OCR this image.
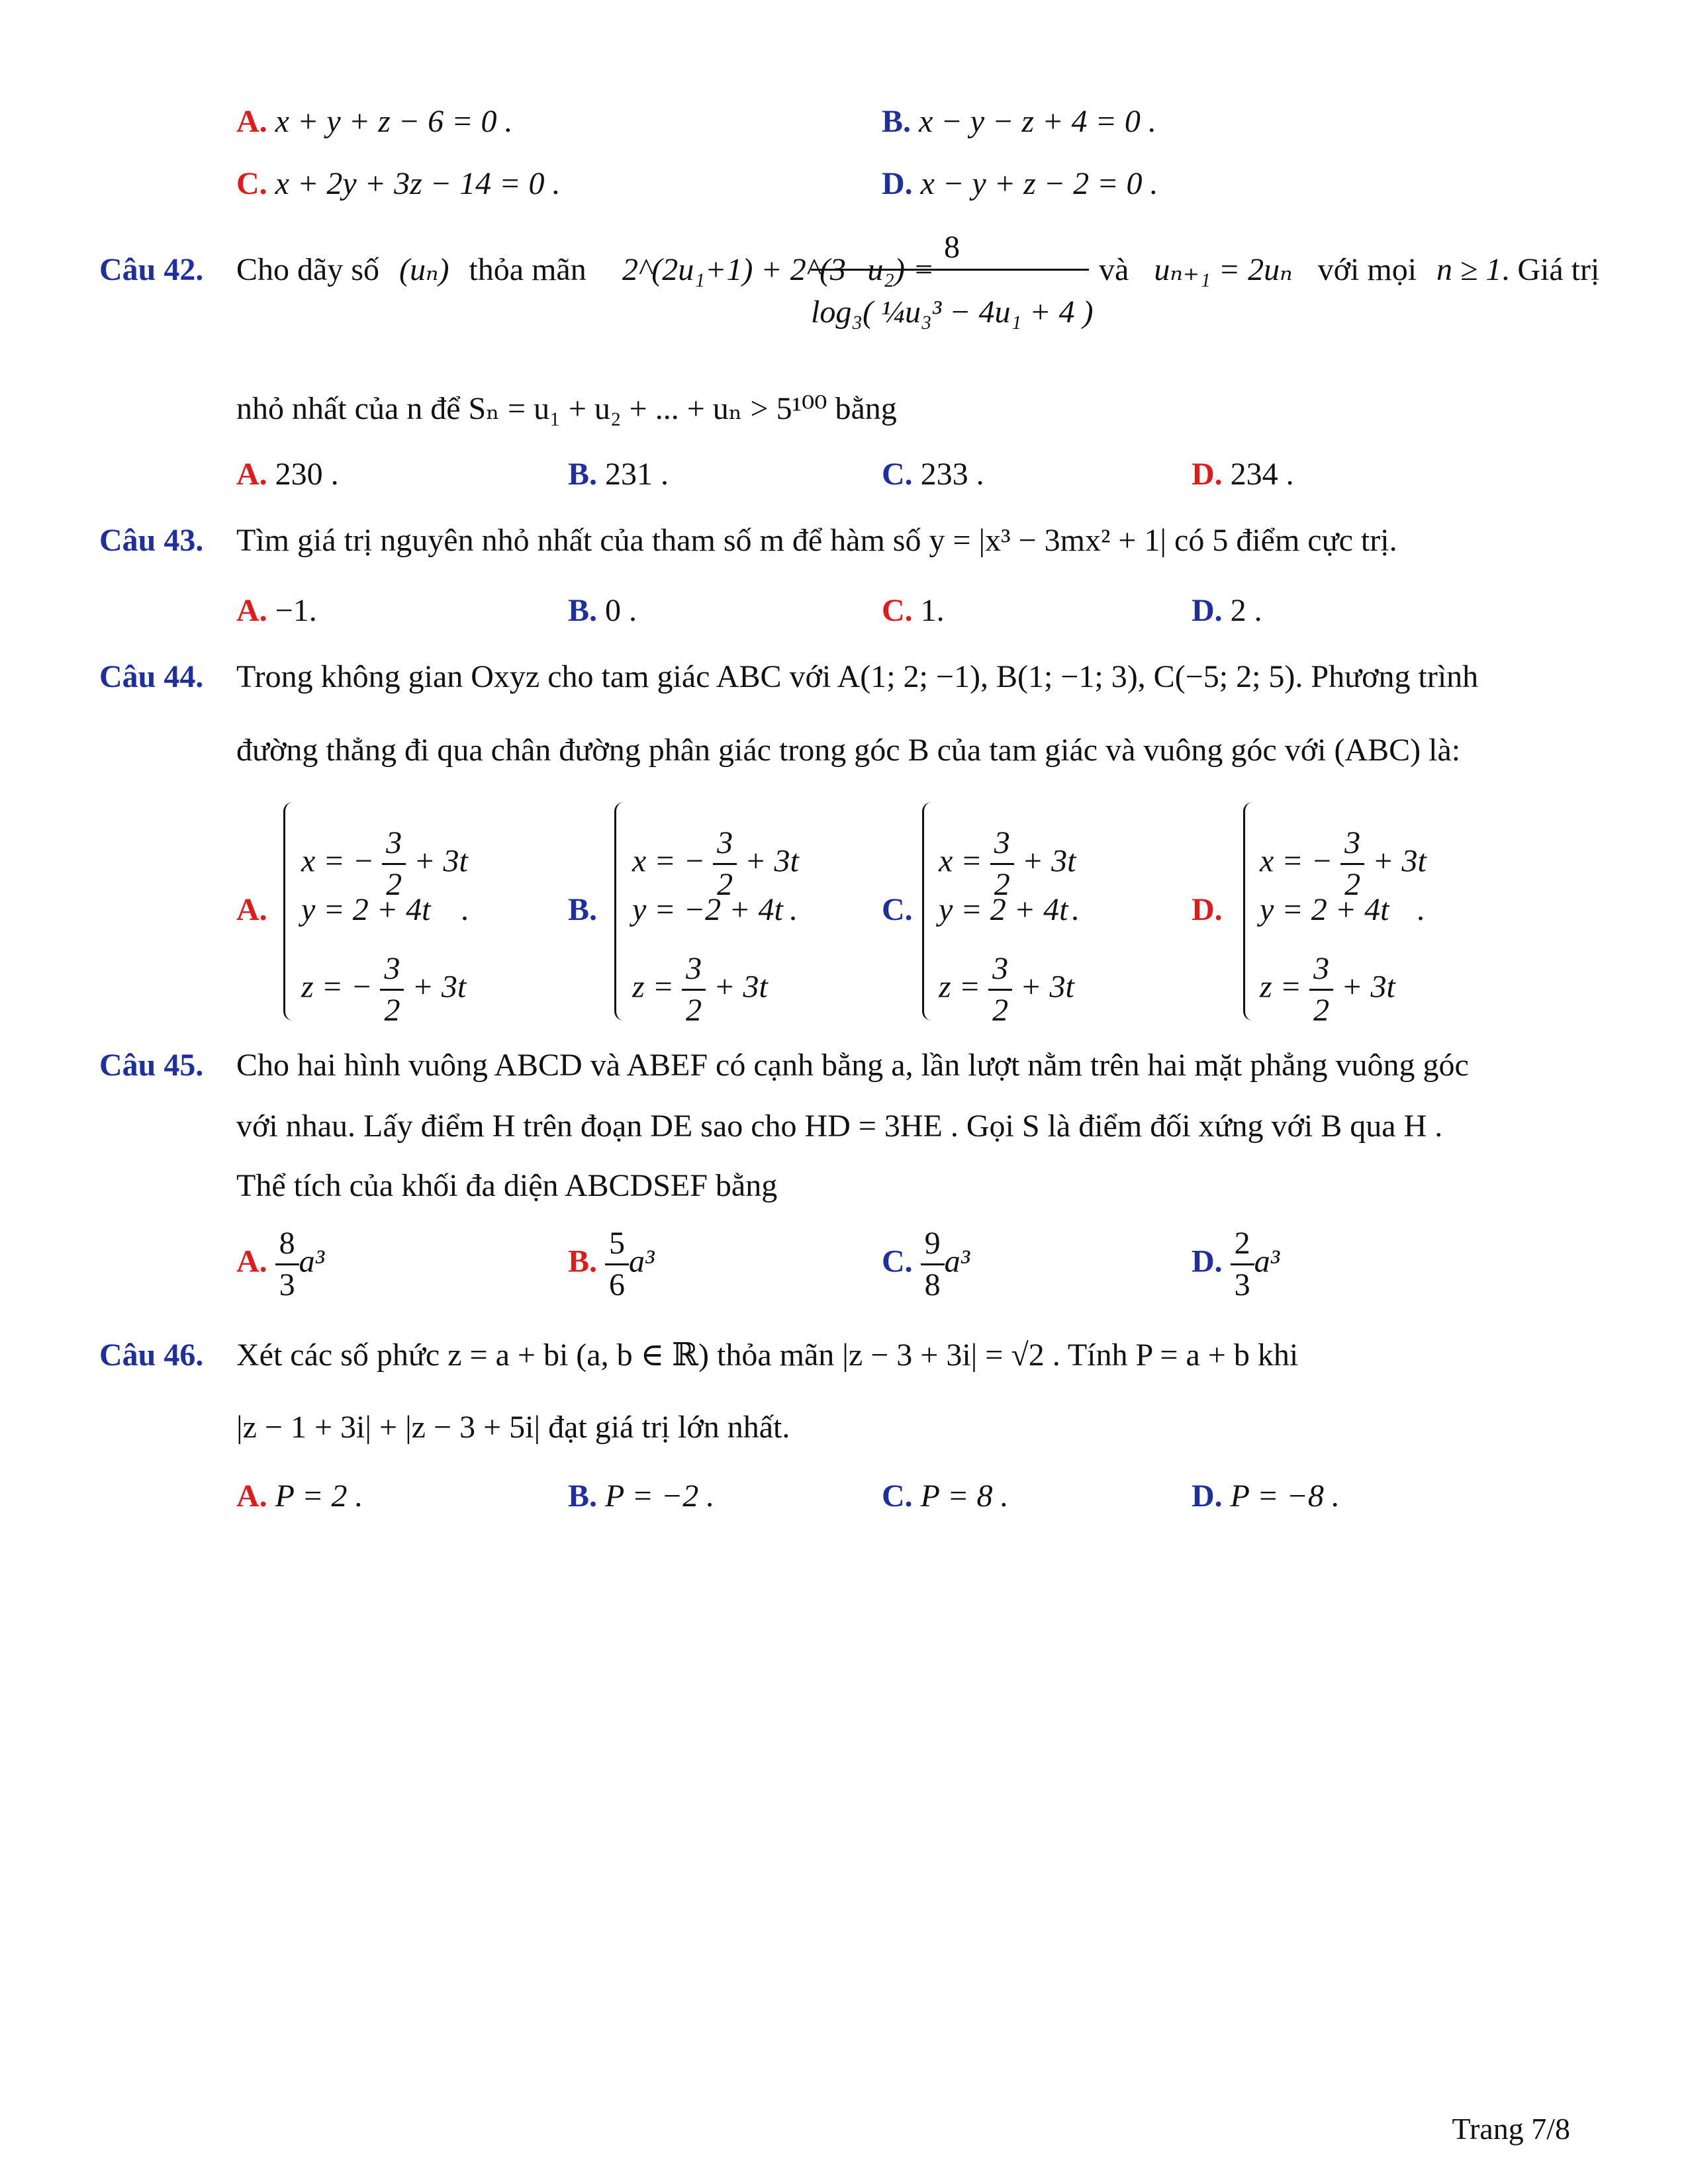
A. x + y + z − 6 = 0 .	B. x − y − z + 4 = 0 .
C. x + 2y + 3z − 14 = 0 .	D. x − y + z − 2 = 0 .
Câu 42. Cho dãy số (uₙ) thỏa mãn 2^(2u₁+1) + 2^(3−u₂) =
8
log₃( ¼u₃³ − 4u₁ + 4 )
và uₙ₊₁ = 2uₙ với mọi n ≥ 1. Giá trị
nhỏ nhất của n để Sₙ = u₁ + u₂ + ... + uₙ > 5¹⁰⁰ bằng
A. 230 .	B. 231 .	C. 233 .	D. 234 .
Câu 43. Tìm giá trị nguyên nhỏ nhất của tham số m để hàm số y = |x³ − 3mx² + 1| có 5 điểm cực trị.
A. −1.	B. 0 .	C. 1.	D. 2 .
Câu 44. Trong không gian Oxyz cho tam giác ABC với A(1; 2; −1), B(1; −1; 3), C(−5; 2; 5). Phương trình
đường thẳng đi qua chân đường phân giác trong góc B của tam giác và vuông góc với (ABC) là:
A.
x = − $\frac{3}{2} + 3t$
y = 2 + 4t .
z = − $\frac{3}{2} + 3t$
B.
x = − $\frac{3}{2} + 3t$
y = −2 + 4t .
$z = \frac{3}{2} + 3t$
C.
$x = \frac{3}{2} + 3t$
y = 2 + 4t .
$z = \frac{3}{2} + 3t$
D.
x = − $\frac{3}{2} + 3t$
y = 2 + 4t .
$z = \frac{3}{2} + 3t$
Câu 45. Cho hai hình vuông ABCD và ABEF có cạnh bằng a, lần lượt nằm trên hai mặt phẳng vuông góc
với nhau. Lấy điểm H trên đoạn DE sao cho HD = 3HE . Gọi S là điểm đối xứng với B qua H .
Thể tích của khối đa diện ABCDSEF bằng
A. $\frac{8}{3} a^3$	B. $\frac{5}{6} a^3$	C. $\frac{9}{8} a^3$	D. $\frac{2}{3} a^3$
Câu 46. Xét các số phức z = a + bi (a, b ∈ ℝ) thỏa mãn |z − 3 + 3i| = √2 . Tính P = a + b khi
|z − 1 + 3i| + |z − 3 + 5i| đạt giá trị lớn nhất.
A. P = 2 .	B. P = −2 .	C. P = 8 .	D. P = −8 .
Trang 7/8
